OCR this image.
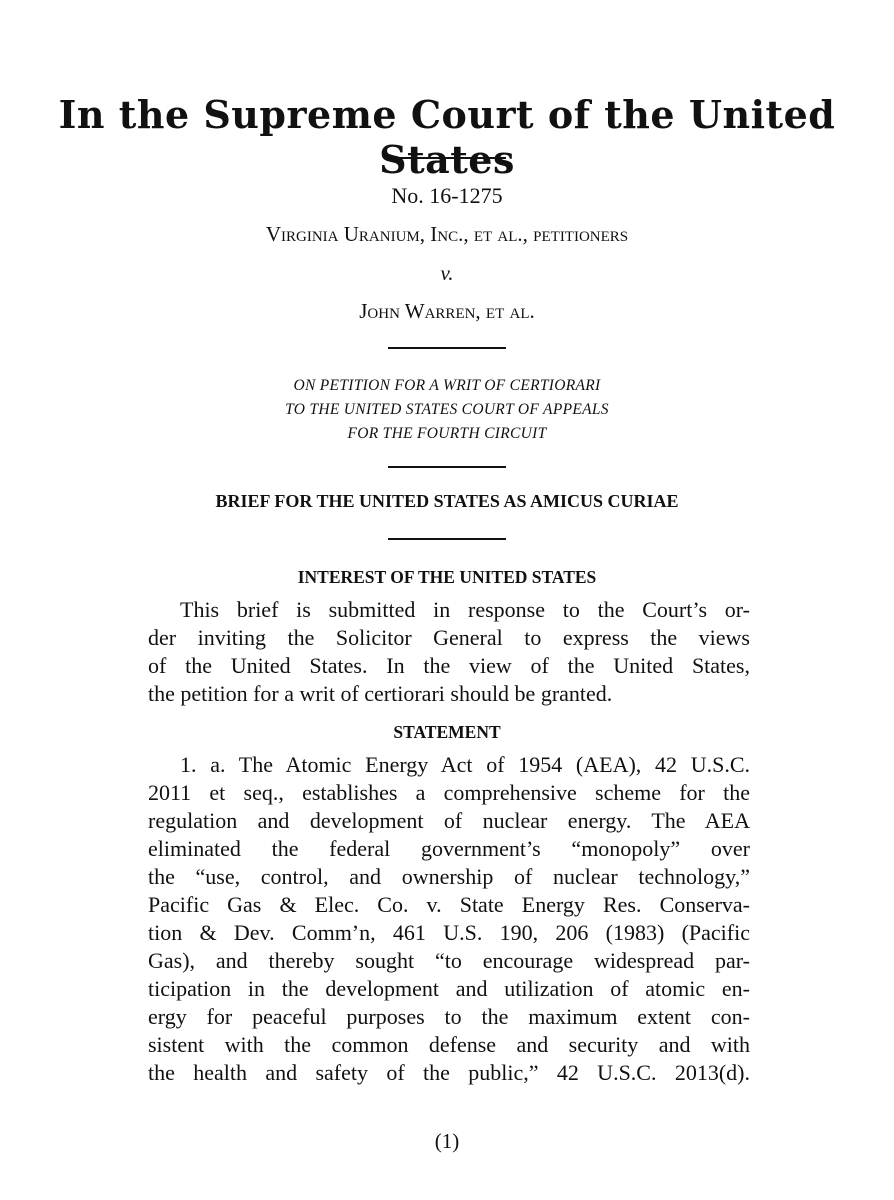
In the Supreme Court of the United States
No. 16-1275
Virginia Uranium, Inc., et al., petitioners
v.
John Warren, et al.
ON PETITION FOR A WRIT OF CERTIORARI
TO THE UNITED STATES COURT OF APPEALS
FOR THE FOURTH CIRCUIT
BRIEF FOR THE UNITED STATES AS AMICUS CURIAE
INTEREST OF THE UNITED STATES
This brief is submitted in response to the Court’s or-
der inviting the Solicitor General to express the views
of the United States. In the view of the United States,
the petition for a writ of certiorari should be granted.
STATEMENT
1. a. The Atomic Energy Act of 1954 (AEA), 42 U.S.C.
2011 et seq., establishes a comprehensive scheme for the
regulation and development of nuclear energy. The AEA
eliminated the federal government’s “monopoly” over
the “use, control, and ownership of nuclear technology,”
Pacific Gas & Elec. Co. v. State Energy Res. Conserva-
tion & Dev. Comm’n, 461 U.S. 190, 206 (1983) (Pacific
Gas), and thereby sought “to encourage widespread par-
ticipation in the development and utilization of atomic en-
ergy for peaceful purposes to the maximum extent con-
sistent with the common defense and security and with
the health and safety of the public,” 42 U.S.C. 2013(d).
(1)
